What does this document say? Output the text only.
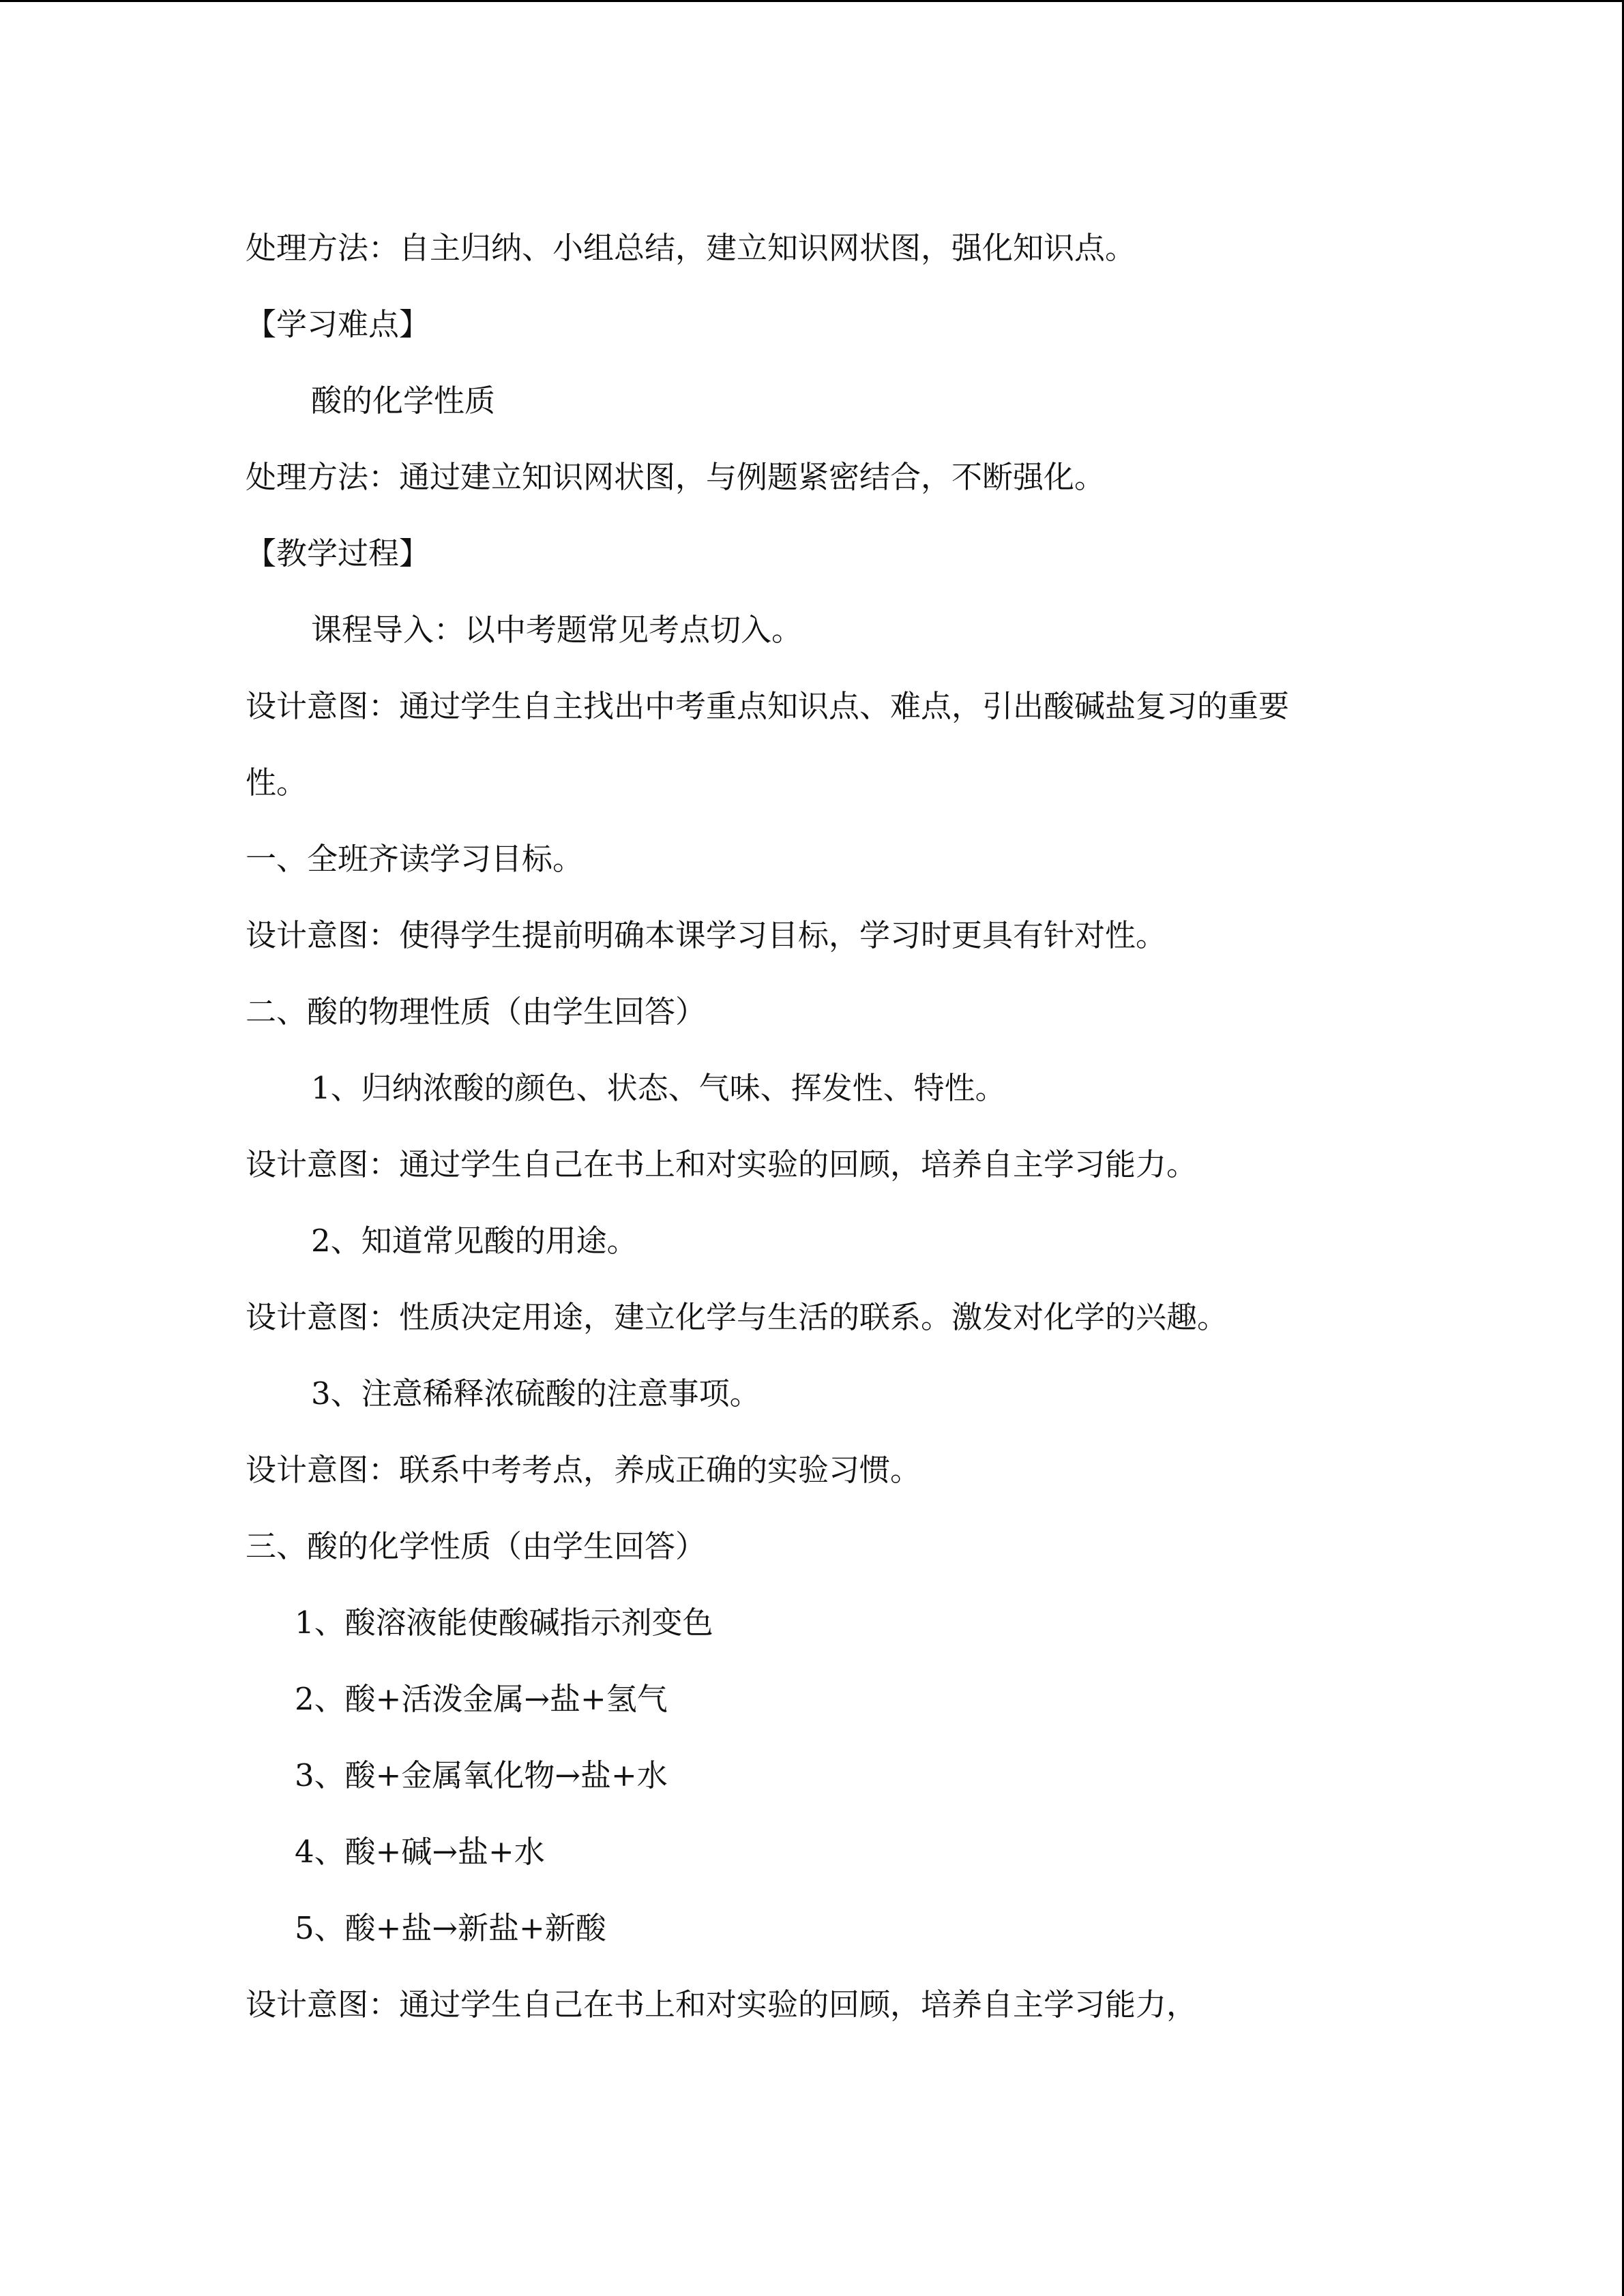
处理方法：自主归纳、小组总结，建立知识网状图，强化知识点。
【学习难点】
酸的化学性质
处理方法：通过建立知识网状图，与例题紧密结合，不断强化。
【教学过程】
课程导入：以中考题常见考点切入。
设计意图：通过学生自主找出中考重点知识点、难点，引出酸碱盐复习的重要
性。
一、全班齐读学习目标。
设计意图：使得学生提前明确本课学习目标，学习时更具有针对性。
二、酸的物理性质（由学生回答）
1、归纳浓酸的颜色、状态、气味、挥发性、特性。
设计意图：通过学生自己在书上和对实验的回顾，培养自主学习能力。
2、知道常见酸的用途。
设计意图：性质决定用途，建立化学与生活的联系。激发对化学的兴趣。
3、注意稀释浓硫酸的注意事项。
设计意图：联系中考考点，养成正确的实验习惯。
三、酸的化学性质（由学生回答）
1、酸溶液能使酸碱指示剂变色
2、酸+活泼金属→盐+氢气
3、酸+金属氧化物→盐+水
4、酸+碱→盐+水
5、酸+盐→新盐+新酸
设计意图：通过学生自己在书上和对实验的回顾，培养自主学习能力，
